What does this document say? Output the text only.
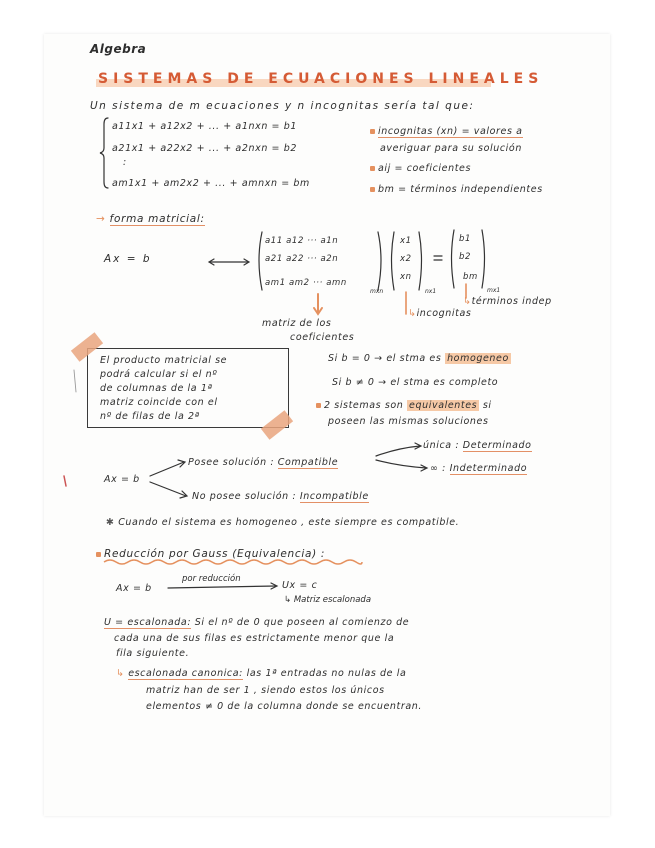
Algebra
SISTEMAS DE ECUACIONES LINEALES
Un sistema de m ecuaciones y n incognitas sería tal que:
a11x1 + a12x2 + ... + a1nxn = b1
a21x1 + a22x2 + ... + a2nxn = b2
:
am1x1 + am2x2 + ... + amnxn = bm
incognitas (xn) = valores a
averiguar para su solución
aij = coeficientes
bm = términos independientes
→ forma matricial:
Ax = b
a11 a12 ··· a1n
a21 a22 ··· a2n
am1 am2 ··· amn
mxn
x1
x2
xn
nx1
b1
b2
bm
mx1
matriz de los
coeficientes
↳incognitas
↳términos indep
El producto matricial se
podrá calcular si el nº
de columnas de la 1ª
matriz coincide con el
nº de filas de la 2ª
Si b = 0 → el stma es homogeneo
Si b ≠ 0 → el stma es completo
2 sistemas son equivalentes si
poseen las mismas soluciones
Ax = b
Posee solución : Compatible
única : Determinado
∞ : Indeterminado
No posee solución : Incompatible
✱ Cuando el sistema es homogeneo , este siempre es compatible.
Reducción por Gauss (Equivalencia) :
Ax = b
por reducción
Ux = c
↳ Matriz escalonada
U = escalonada: Si el nº de 0 que poseen al comienzo de
cada una de sus filas es estrictamente menor que la
fila siguiente.
↳ escalonada canonica: las 1ª entradas no nulas de la
matriz han de ser 1 , siendo estos los únicos
elementos ≠ 0 de la columna donde se encuentran.
